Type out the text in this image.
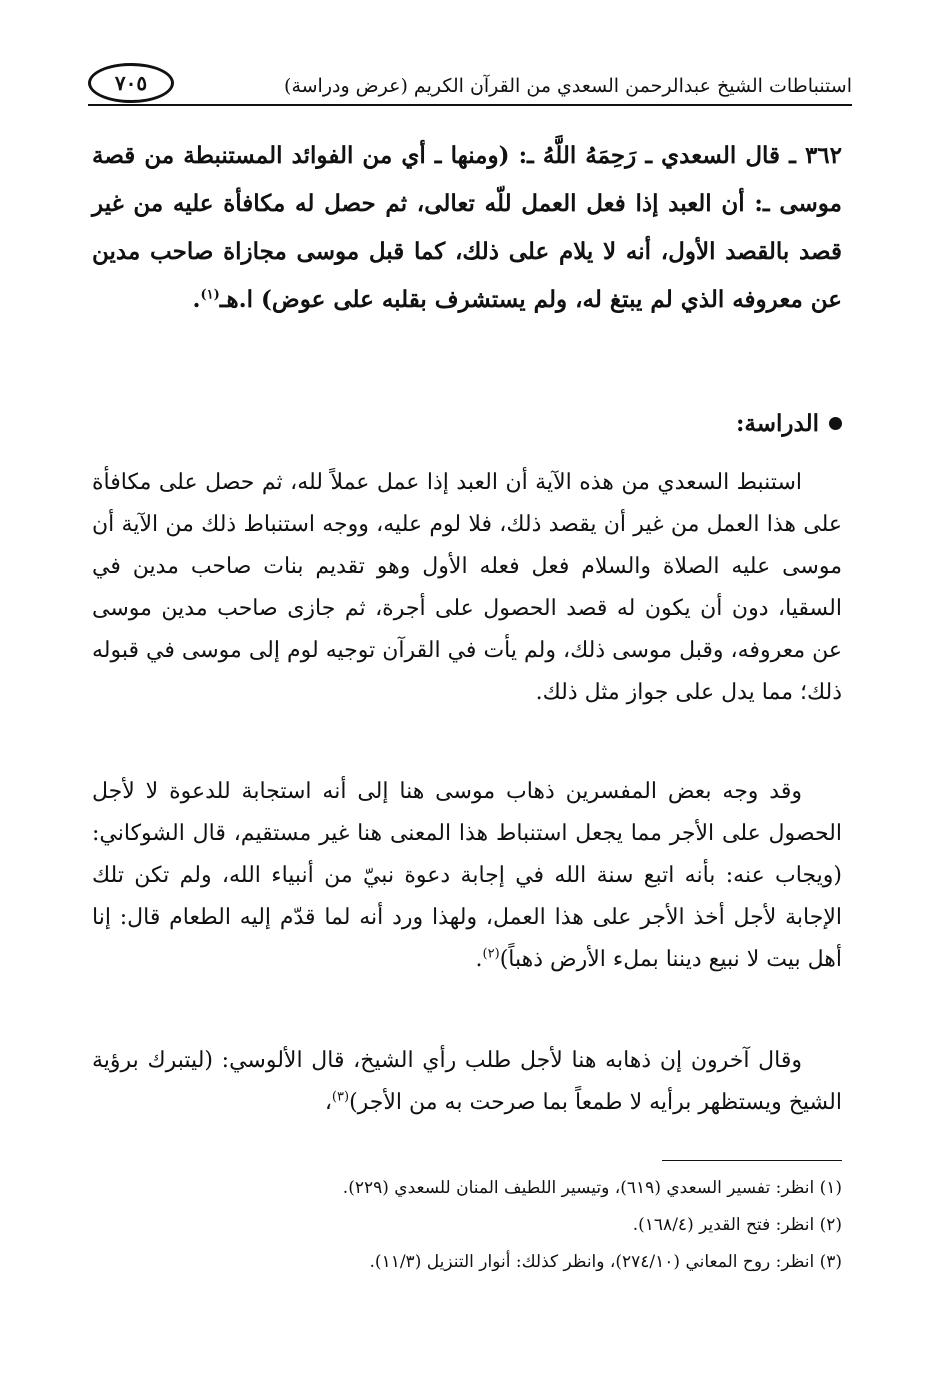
استنباطات الشيخ عبدالرحمن السعدي من القرآن الكريم (عرض ودراسة)
٧٠٥
٣٦٢ ـ قال السعدي ـ رَحِمَهُ اللَّهُ ـ: (ومنها ـ أي من الفوائد المستنبطة من قصة موسى ـ: أن العبد إذا فعل العمل للّه تعالى، ثم حصل له مكافأة عليه من غير قصد بالقصد الأول، أنه لا يلام على ذلك، كما قبل موسى مجازاة صاحب مدين عن معروفه الذي لم يبتغ له، ولم يستشرف بقلبه على عوض) ا.هـ$^{(١)}$.
الدراسة:
استنبط السعدي من هذه الآية أن العبد إذا عمل عملاً لله، ثم حصل على مكافأة على هذا العمل من غير أن يقصد ذلك، فلا لوم عليه، ووجه استنباط ذلك من الآية أن موسى عليه الصلاة والسلام فعل فعله الأول وهو تقديم بنات صاحب مدين في السقيا، دون أن يكون له قصد الحصول على أجرة، ثم جازى صاحب مدين موسى عن معروفه، وقبل موسى ذلك، ولم يأت في القرآن توجيه لوم إلى موسى في قبوله ذلك؛ مما يدل على جواز مثل ذلك.
وقد وجه بعض المفسرين ذهاب موسى هنا إلى أنه استجابة للدعوة لا لأجل الحصول على الأجر مما يجعل استنباط هذا المعنى هنا غير مستقيم، قال الشوكاني: (ويجاب عنه: بأنه اتبع سنة الله في إجابة دعوة نبيّ من أنبياء الله، ولم تكن تلك الإجابة لأجل أخذ الأجر على هذا العمل، ولهذا ورد أنه لما قدّم إليه الطعام قال: إنا أهل بيت لا نبيع ديننا بملء الأرض ذهباً)$^{(٢)}$.
وقال آخرون إن ذهابه هنا لأجل طلب رأي الشيخ، قال الألوسي: (ليتبرك برؤية الشيخ ويستظهر برأيه لا طمعاً بما صرحت به من الأجر)$^{(٣)}$،
(١) انظر: تفسير السعدي (٦١٩)، وتيسير اللطيف المنان للسعدي (٢٢٩).
(٢) انظر: فتح القدير (١٦٨/٤).
(٣) انظر: روح المعاني (٢٧٤/١٠)، وانظر كذلك: أنوار التنزيل (١١/٣).
